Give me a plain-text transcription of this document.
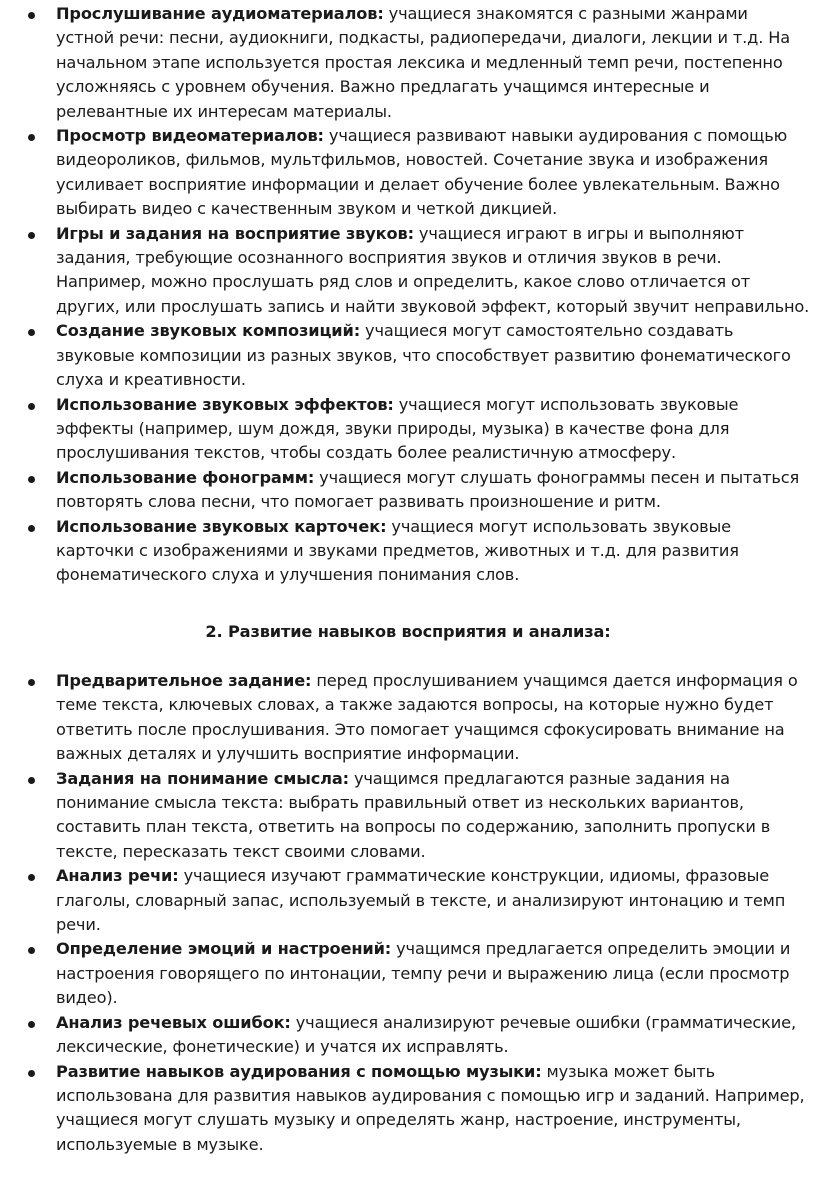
Прослушивание аудиоматериалов: учащиеся знакомятся с разными жанрами устной речи: песни, аудиокниги, подкасты, радиопередачи, диалоги, лекции и т.д. На начальном этапе используется простая лексика и медленный темп речи, постепенно усложняясь с уровнем обучения. Важно предлагать учащимся интересные и релевантные их интересам материалы.
Просмотр видеоматериалов: учащиеся развивают навыки аудирования с помощью видеороликов, фильмов, мультфильмов, новостей. Сочетание звука и изображения усиливает восприятие информации и делает обучение более увлекательным. Важно выбирать видео с качественным звуком и четкой дикцией.
Игры и задания на восприятие звуков: учащиеся играют в игры и выполняют задания, требующие осознанного восприятия звуков и отличия звуков в речи. Например, можно прослушать ряд слов и определить, какое слово отличается от других, или прослушать запись и найти звуковой эффект, который звучит неправильно.
Создание звуковых композиций: учащиеся могут самостоятельно создавать звуковые композиции из разных звуков, что способствует развитию фонематического слуха и креативности.
Использование звуковых эффектов: учащиеся могут использовать звуковые эффекты (например, шум дождя, звуки природы, музыка) в качестве фона для прослушивания текстов, чтобы создать более реалистичную атмосферу.
Использование фонограмм: учащиеся могут слушать фонограммы песен и пытаться повторять слова песни, что помогает развивать произношение и ритм.
Использование звуковых карточек: учащиеся могут использовать звуковые карточки с изображениями и звуками предметов, животных и т.д. для развития фонематического слуха и улучшения понимания слов.
2. Развитие навыков восприятия и анализа:
Предварительное задание: перед прослушиванием учащимся дается информация о теме текста, ключевых словах, а также задаются вопросы, на которые нужно будет ответить после прослушивания. Это помогает учащимся сфокусировать внимание на важных деталях и улучшить восприятие информации.
Задания на понимание смысла: учащимся предлагаются разные задания на понимание смысла текста: выбрать правильный ответ из нескольких вариантов, составить план текста, ответить на вопросы по содержанию, заполнить пропуски в тексте, пересказать текст своими словами.
Анализ речи: учащиеся изучают грамматические конструкции, идиомы, фразовые глаголы, словарный запас, используемый в тексте, и анализируют интонацию и темп речи.
Определение эмоций и настроений: учащимся предлагается определить эмоции и настроения говорящего по интонации, темпу речи и выражению лица (если просмотр видео).
Анализ речевых ошибок: учащиеся анализируют речевые ошибки (грамматические, лексические, фонетические) и учатся их исправлять.
Развитие навыков аудирования с помощью музыки: музыка может быть использована для развития навыков аудирования с помощью игр и заданий. Например, учащиеся могут слушать музыку и определять жанр, настроение, инструменты, используемые в музыке.
